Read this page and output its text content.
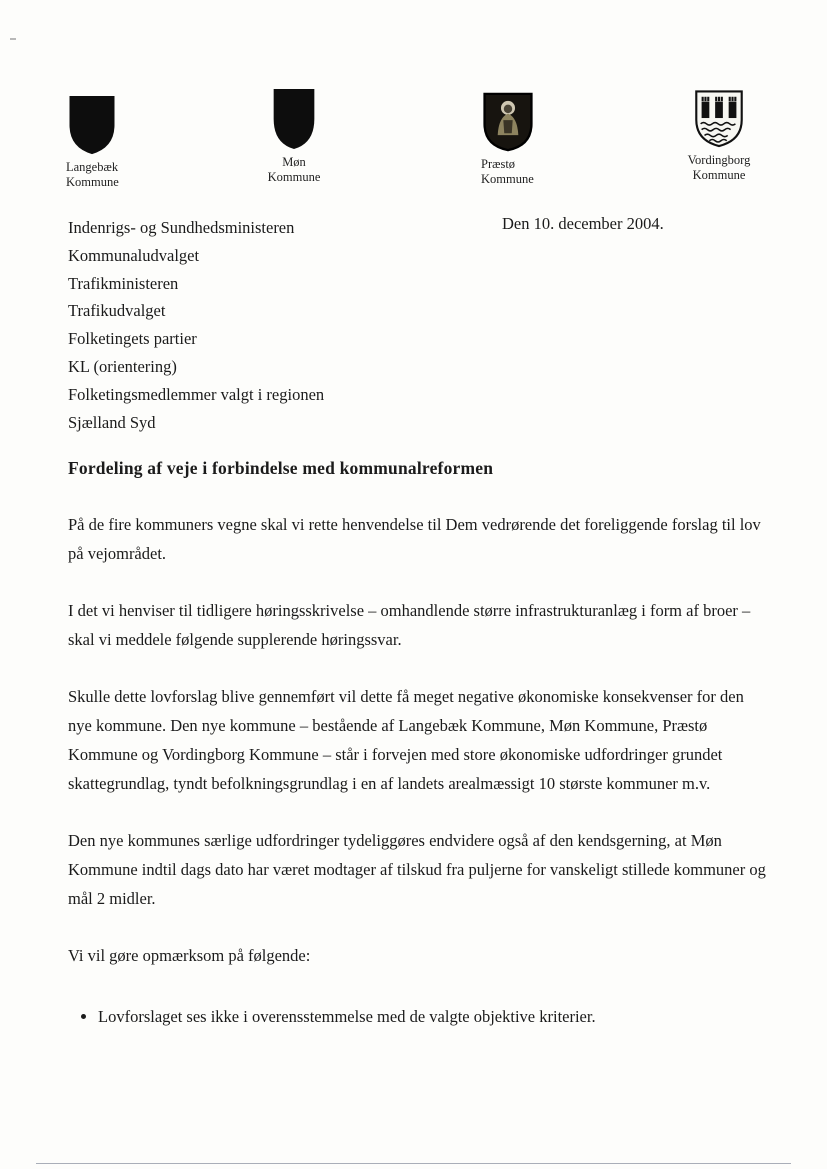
Langebæk
Kommune
Møn
Kommune
Præstø
Kommune
Vordingborg
Kommune
Den 10. december 2004.
Indenrigs- og Sundhedsministeren
Kommunaludvalget
Trafikministeren
Trafikudvalget
Folketingets partier
KL (orientering)
Folketingsmedlemmer valgt i regionen
Sjælland Syd
Fordeling af veje i forbindelse med kommunalreformen

På de fire kommuners vegne skal vi rette henvendelse til Dem vedrørende det foreliggende forslag til lov på vejområdet.

I det vi henviser til tidligere høringsskrivelse – omhandlende større infrastrukturanlæg i form af broer – skal vi meddele følgende supplerende høringssvar.

Skulle dette lovforslag blive gennemført vil dette få meget negative økonomiske konsekvenser for den nye kommune. Den nye kommune – bestående af Langebæk Kommune, Møn Kommune, Præstø Kommune og Vordingborg Kommune – står i forvejen med store økonomiske udfordringer grundet skattegrundlag, tyndt befolkningsgrundlag i en af landets arealmæssigt 10 største kommuner m.v.

Den nye kommunes særlige udfordringer tydeliggøres endvidere også af den kendsgerning, at Møn Kommune indtil dags dato har været modtager af tilskud fra puljerne for vanskeligt stillede kommuner og mål 2 midler.

Vi vil gøre opmærksom på følgende:

• Lovforslaget ses ikke i overensstemmelse med de valgte objektive kriterier.
